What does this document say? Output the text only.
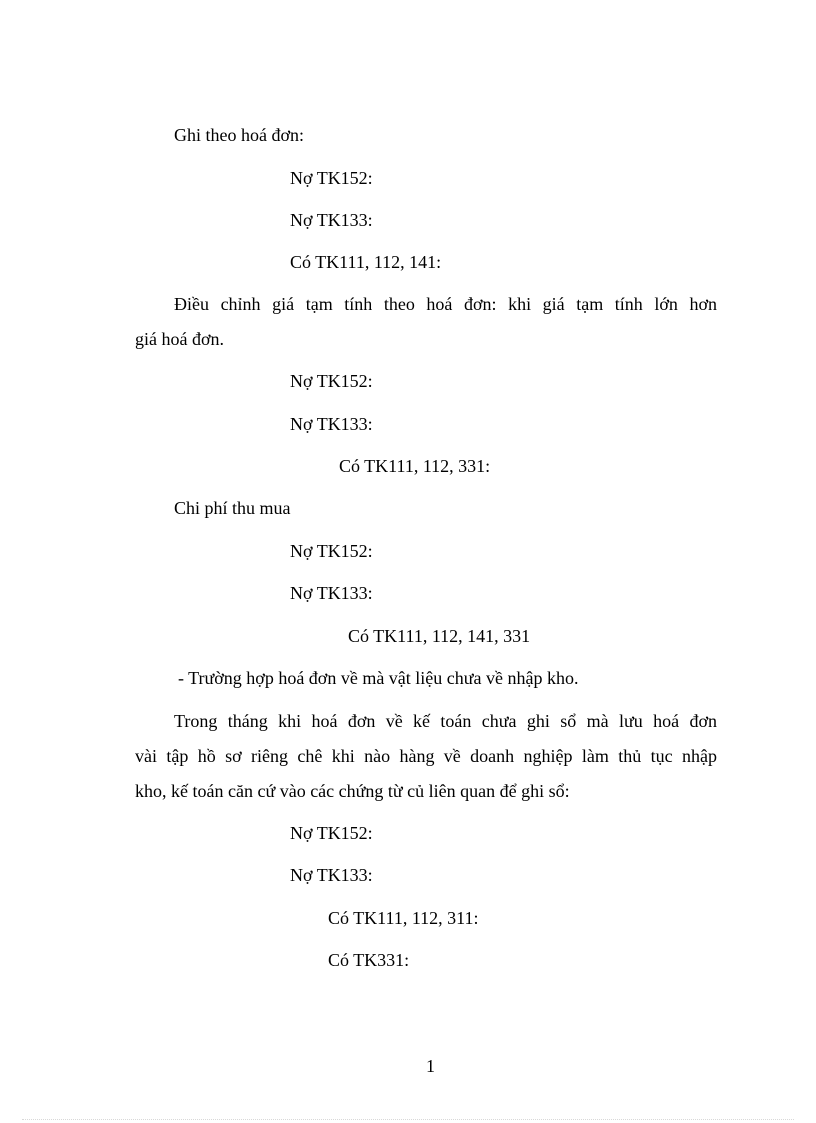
Ghi theo hoá đơn:
Nợ TK152:
Nợ TK133:
Có TK111, 112, 141:
Điều chỉnh giá tạm tính theo hoá đơn: khi giá tạm tính lớn hơn
giá hoá đơn.
Nợ TK152:
Nợ TK133:
Có TK111, 112, 331:
Chi phí thu mua
Nợ TK152:
Nợ TK133:
Có TK111, 112, 141, 331
- Trường hợp hoá đơn về mà vật liệu chưa về nhập kho.
Trong tháng khi hoá đơn về kế toán chưa ghi sổ mà lưu hoá đơn
vài tập hồ sơ riêng chê khi nào hàng về doanh nghiệp làm thủ tục nhập
kho, kế toán căn cứ vào các chứng từ củ liên quan để ghi sổ:
Nợ TK152:
Nợ TK133:
Có TK111, 112, 311:
Có TK331:
1
